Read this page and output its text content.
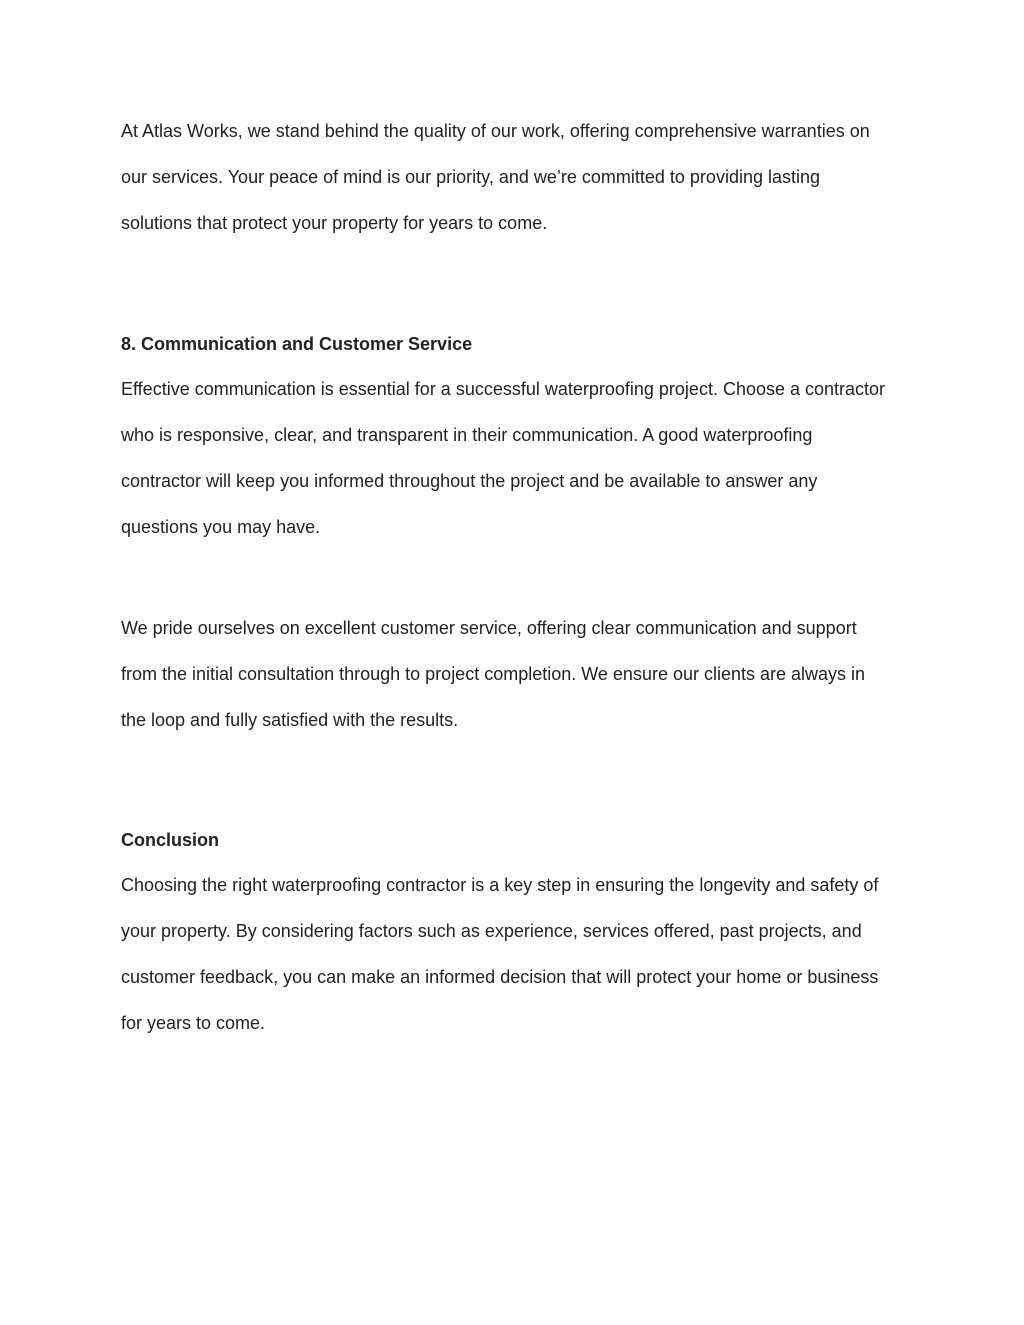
At Atlas Works, we stand behind the quality of our work, offering comprehensive warranties on
our services. Your peace of mind is our priority, and we’re committed to providing lasting
solutions that protect your property for years to come.

8. Communication and Customer Service

Effective communication is essential for a successful waterproofing project. Choose a contractor
who is responsive, clear, and transparent in their communication. A good waterproofing
contractor will keep you informed throughout the project and be available to answer any
questions you may have.

We pride ourselves on excellent customer service, offering clear communication and support
from the initial consultation through to project completion. We ensure our clients are always in
the loop and fully satisfied with the results.

Conclusion

Choosing the right waterproofing contractor is a key step in ensuring the longevity and safety of
your property. By considering factors such as experience, services offered, past projects, and
customer feedback, you can make an informed decision that will protect your home or business
for years to come.
